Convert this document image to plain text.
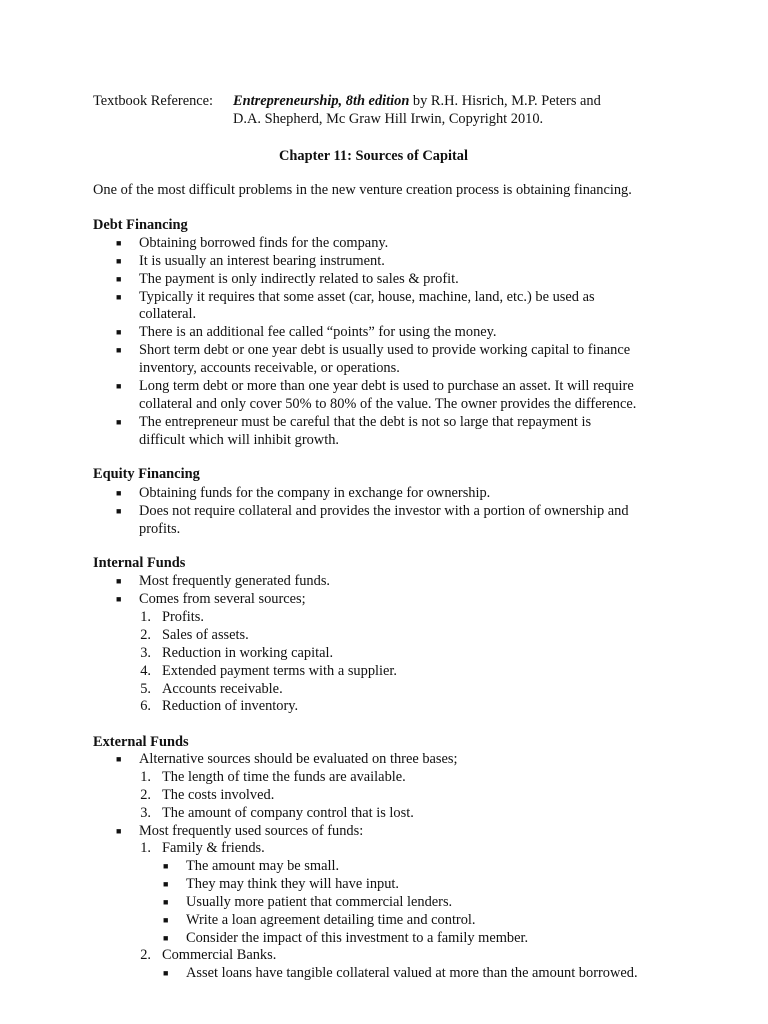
Textbook Reference: Entrepreneurship, 8th edition by R.H. Hisrich, M.P. Peters and
D.A. Shepherd, Mc Graw Hill Irwin, Copyright 2010.
Chapter 11: Sources of Capital
One of the most difficult problems in the new venture creation process is obtaining financing.
Debt Financing
■ Obtaining borrowed finds for the company.
■ It is usually an interest bearing instrument.
■ The payment is only indirectly related to sales & profit.
■ Typically it requires that some asset (car, house, machine, land, etc.) be used as
collateral.
■ There is an additional fee called “points” for using the money.
■ Short term debt or one year debt is usually used to provide working capital to finance
inventory, accounts receivable, or operations.
■ Long term debt or more than one year debt is used to purchase an asset. It will require
collateral and only cover 50% to 80% of the value. The owner provides the difference.
■ The entrepreneur must be careful that the debt is not so large that repayment is
difficult which will inhibit growth.
Equity Financing
■ Obtaining funds for the company in exchange for ownership.
■ Does not require collateral and provides the investor with a portion of ownership and
profits.
Internal Funds
■ Most frequently generated funds.
■ Comes from several sources;
1. Profits.
2. Sales of assets.
3. Reduction in working capital.
4. Extended payment terms with a supplier.
5. Accounts receivable.
6. Reduction of inventory.
External Funds
■ Alternative sources should be evaluated on three bases;
1. The length of time the funds are available.
2. The costs involved.
3. The amount of company control that is lost.
■ Most frequently used sources of funds:
1. Family & friends.
■ The amount may be small.
■ They may think they will have input.
■ Usually more patient that commercial lenders.
■ Write a loan agreement detailing time and control.
■ Consider the impact of this investment to a family member.
2. Commercial Banks.
■ Asset loans have tangible collateral valued at more than the amount borrowed.
